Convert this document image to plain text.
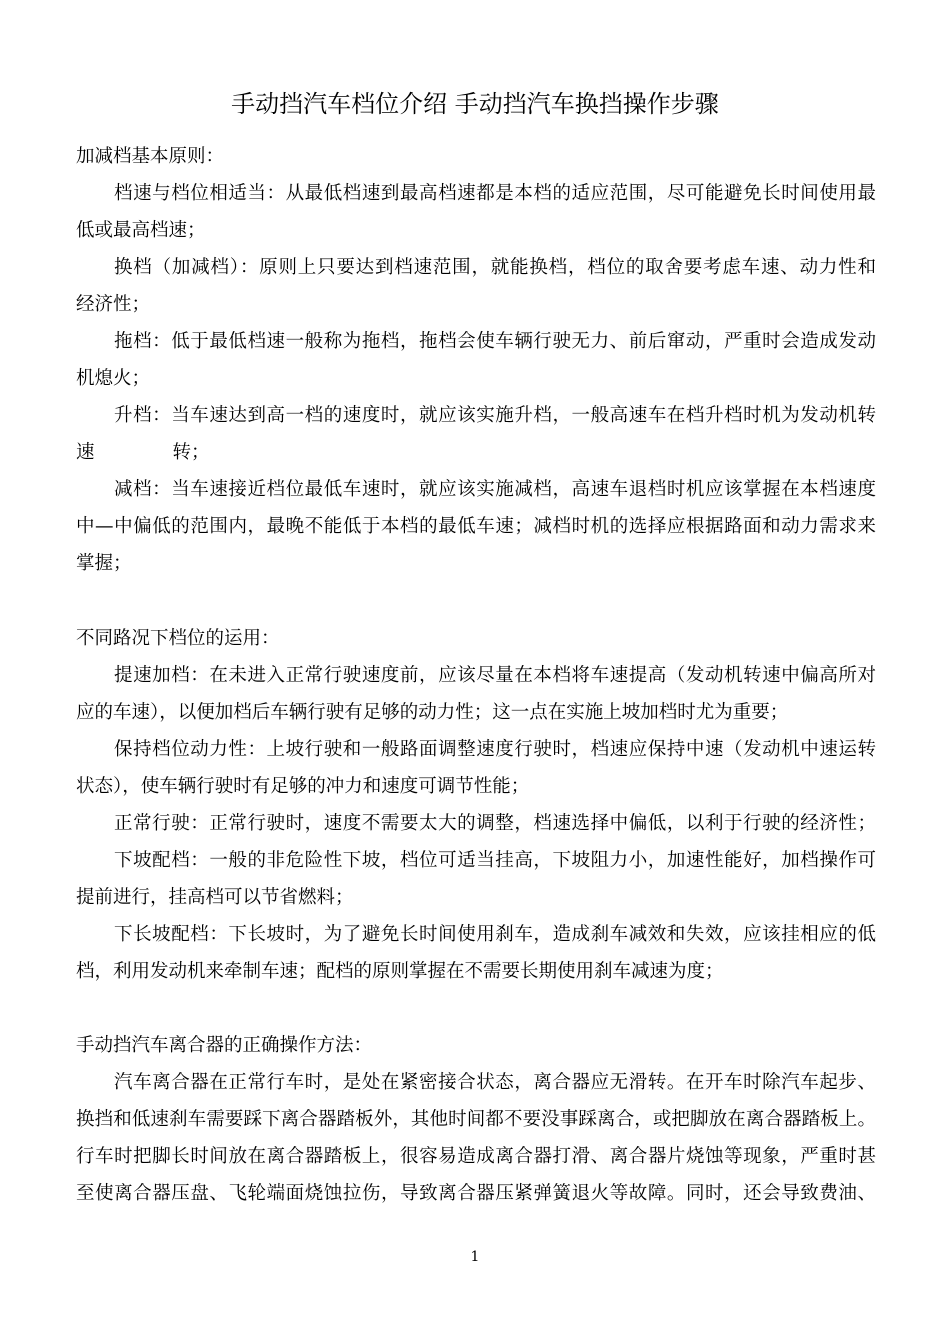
手动挡汽车档位介绍 手动挡汽车换挡操作步骤
加减档基本原则：
档速与档位相适当：从最低档速到最高档速都是本档的适应范围，尽可能避免长时间使用最
低或最高档速；
换档（加减档）：原则上只要达到档速范围，就能换档，档位的取舍要考虑车速、动力性和
经济性；
拖档：低于最低档速一般称为拖档，拖档会使车辆行驶无力、前后窜动，严重时会造成发动
机熄火；
升档：当车速达到高一档的速度时，就应该实施升档，一般高速车在档升档时机为发动机转
速	转；
减档：当车速接近档位最低车速时，就应该实施减档，高速车退档时机应该掌握在本档速度
中—中偏低的范围内，最晚不能低于本档的最低车速；减档时机的选择应根据路面和动力需求来
掌握；
不同路况下档位的运用：
提速加档：在未进入正常行驶速度前，应该尽量在本档将车速提高（发动机转速中偏高所对
应的车速），以便加档后车辆行驶有足够的动力性；这一点在实施上坡加档时尤为重要；
保持档位动力性：上坡行驶和一般路面调整速度行驶时，档速应保持中速（发动机中速运转
状态），使车辆行驶时有足够的冲力和速度可调节性能；
正常行驶：正常行驶时，速度不需要太大的调整，档速选择中偏低，以利于行驶的经济性；
下坡配档：一般的非危险性下坡，档位可适当挂高，下坡阻力小，加速性能好，加档操作可
提前进行，挂高档可以节省燃料；
下长坡配档：下长坡时，为了避免长时间使用刹车，造成刹车减效和失效，应该挂相应的低
档，利用发动机来牵制车速；配档的原则掌握在不需要长期使用刹车减速为度；
手动挡汽车离合器的正确操作方法：
汽车离合器在正常行车时，是处在紧密接合状态，离合器应无滑转。在开车时除汽车起步、
换挡和低速刹车需要踩下离合器踏板外，其他时间都不要没事踩离合，或把脚放在离合器踏板上。
行车时把脚长时间放在离合器踏板上，很容易造成离合器打滑、离合器片烧蚀等现象，严重时甚
至使离合器压盘、飞轮端面烧蚀拉伤，导致离合器压紧弹簧退火等故障。同时，还会导致费油、
1
